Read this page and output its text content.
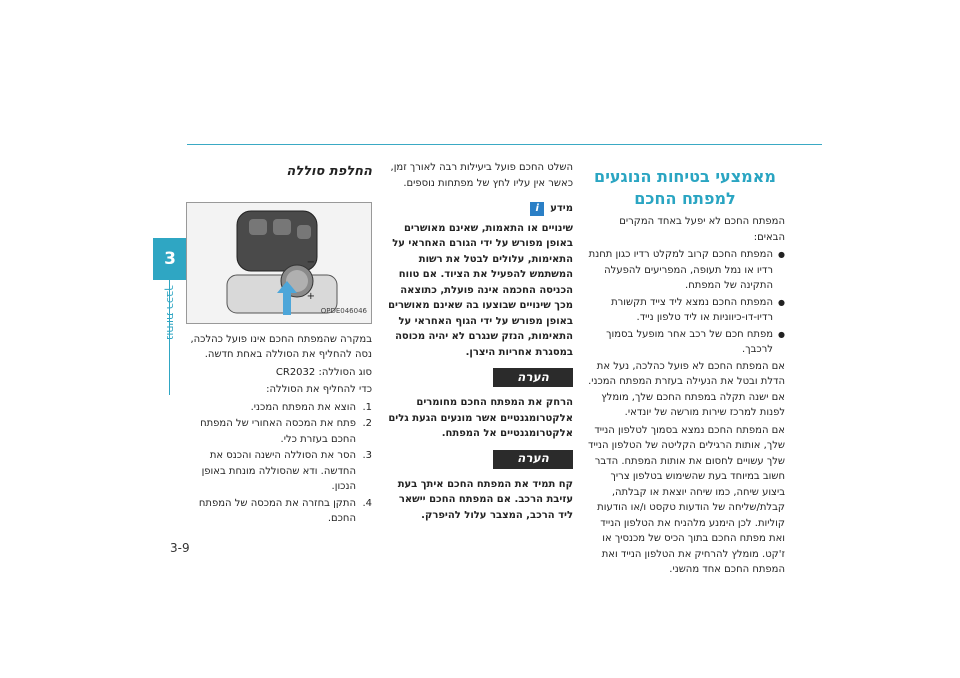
3
נוחיות רכבך
3-9
מאמצעי בטיחות הנוגעים
למפתח החכם

המפתח החכם לא יפעל באחד המקרים הבאים:

● המפתח החכם קרוב למקלט רדיו כגון תחנת רדיו או נמל תעופה, המפריעים להפעלה התקינה של המפתח.
● המפתח החכם נמצא ליד צייד תקשורת רדיו-דו-כיווניות או ליד טלפון נייד.
● מפתח חכם של רכב אחר מופעל בסמוך לרכבך.

אם המפתח החכם לא פועל כהלכה, נעל את הדלת ובטל את הנעילה בעזרת המפתח המכני. אם ישנה תקלה במפתח החכם שלך, מומלץ לפנות למרכז שירות מורשה של יונדאי.

אם המפתח החכם נמצא בסמוך לטלפון הנייד שלך, אותות הרגילים הקליטה של הטלפון הנייד שלך עשויים לחסום את אותות המפתח. הדבר חשוב במיוחד בעת שהשימוש בטלפון צריך ביצוע שיחה, כמו שיחה יוצאת או קבלתה, קבלת/שליחה של הודעות טקסט ו/או הודעות קוליות. לכן הימנע מלהניח את הטלפון הנייד ואת מפתח החכם בתוך הכיס של מכנסיך או ז'קט. מומלץ להרחיק את הטלפון הנייד ואת המפתח החכם אחד מהשני.

השלט החכם פועל ביעילות רבה לאורך זמן, כאשר אין עליו לחץ של מפתחות נוספים.

i	מידע

שינויים או התאמות, שאינם מאושרים באופן מפורש על ידי הגורם האחראי על התאימות, עלולים לבטל את רשות המשתמש להפעיל את הציוד. אם טווח הכניסה החכמה אינה פועלת, כתוצאה מכך שינויים שבוצעו בה שאינם מאושרים באופן מפורש על ידי הגוף האחראי על התאימות, הנזק שנגרם לא יהיה מכוסה במסגרת אחריות היצרן.

הערה

הרחק את המפתח החכם מחומרים אלקטרומגנטיים אשר מונעים הגעת גלים אלקטרומגנטיים אל המפתח.

הערה

קח תמיד את המפתח החכם איתך בעת עזיבת הרכב. אם המפתח החכם יישאר ליד הרכב, המצבר עלול להיפרק.

החלפת סוללה
−
+
OPDE046046

במקרה שהמפתח החכם אינו פועל כהלכה, נסה להחליף את הסוללה באחת חדשה.

סוג הסוללה: CR2032

כדי להחליף את הסוללה:

1.
הוצא את המפתח המכני.
2.
פתח את המכסה האחורי של המפתח החכם בעזרת כלי.
3.
הסר את הסוללה הישנה והכנס את החדשה. ודא שהסוללה מונחת באופן הנכון.
4.
התקן בחזרה את המכסה של המפתח החכם.
